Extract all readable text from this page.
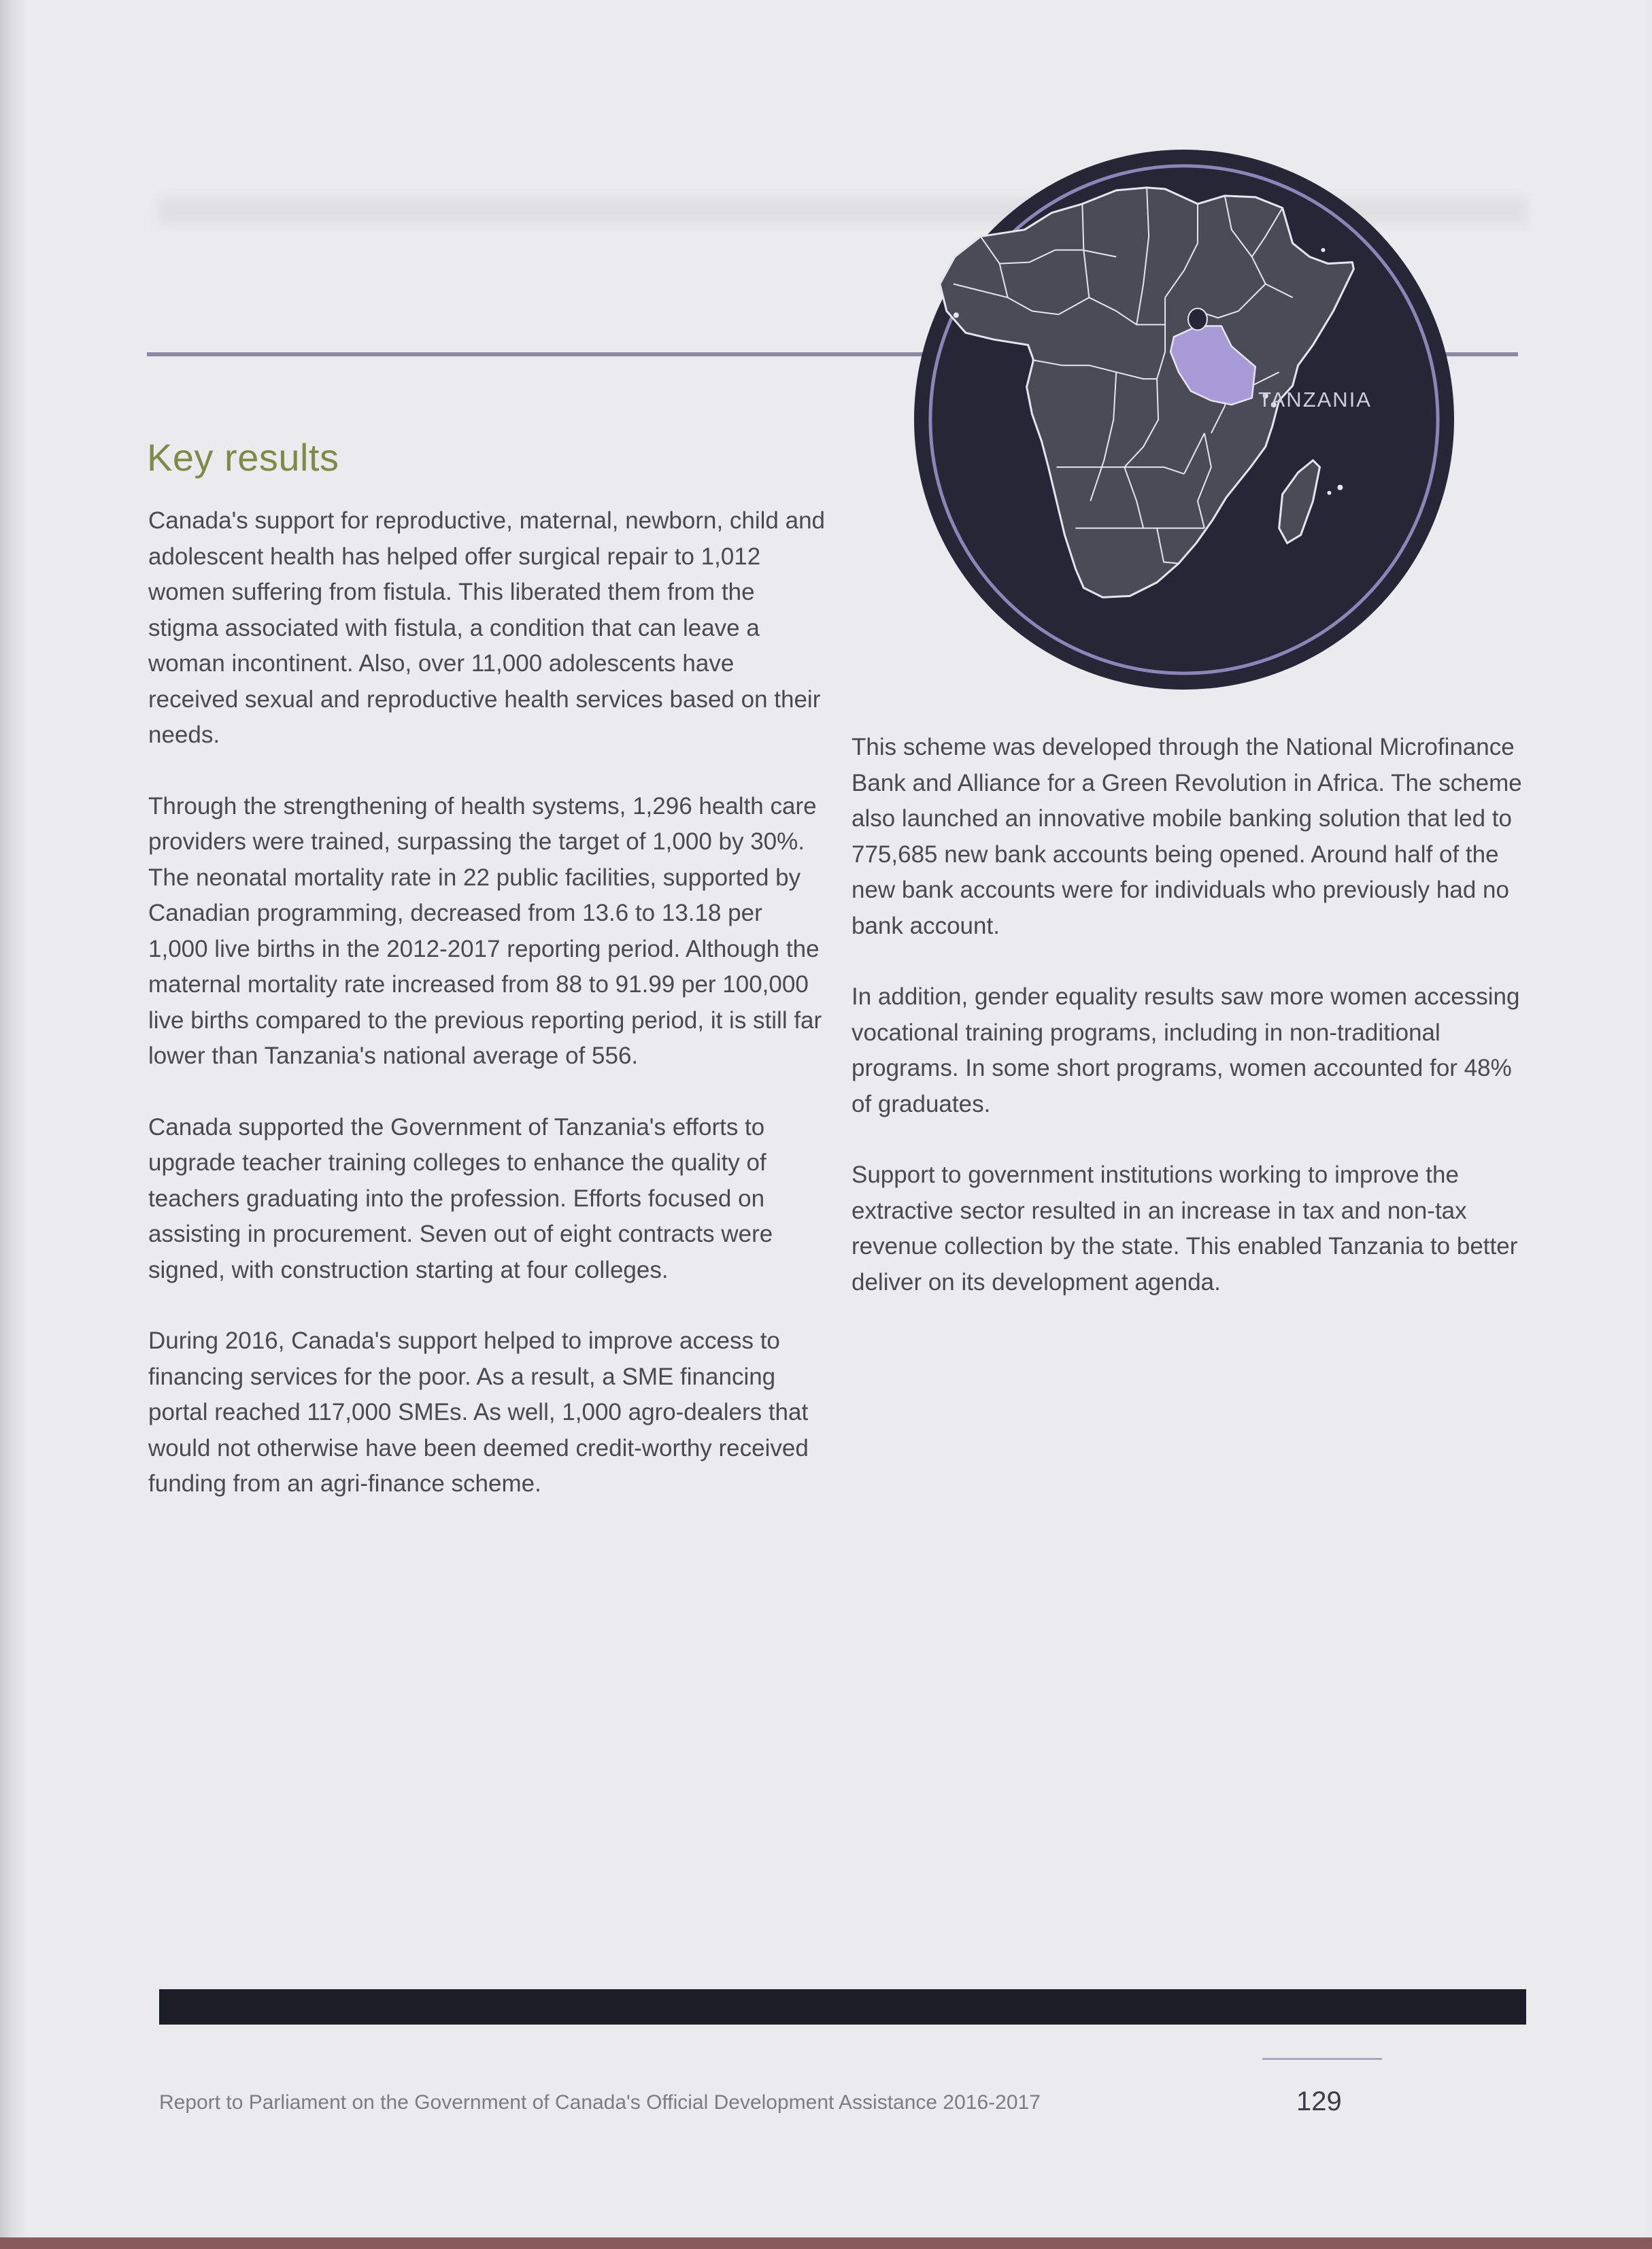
Key results
TANZANIA

Canada's support for reproductive, maternal, newborn, child and adolescent health has helped offer surgical repair to 1,012 women suffering from fistula. This liberated them from the stigma associated with fistula, a condition that can leave a woman incontinent. Also, over 11,000 adolescents have received sexual and reproductive health services based on their needs.

Through the strengthening of health systems, 1,296 health care providers were trained, surpassing the target of 1,000 by 30%. The neonatal mortality rate in 22 public facilities, supported by Canadian programming, decreased from 13.6 to 13.18 per 1,000 live births in the 2012-2017 reporting period. Although the maternal mortality rate increased from 88 to 91.99 per 100,000 live births compared to the previous reporting period, it is still far lower than Tanzania's national average of 556.

Canada supported the Government of Tanzania's efforts to upgrade teacher training colleges to enhance the quality of teachers graduating into the profession. Efforts focused on assisting in procurement. Seven out of eight contracts were signed, with construction starting at four colleges.

During 2016, Canada's support helped to improve access to financing services for the poor. As a result, a SME financing portal reached 117,000 SMEs. As well, 1,000 agro-dealers that would not otherwise have been deemed credit-worthy received funding from an agri-finance scheme.

This scheme was developed through the National Microfinance Bank and Alliance for a Green Revolution in Africa. The scheme also launched an innovative mobile banking solution that led to 775,685 new bank accounts being opened. Around half of the new bank accounts were for individuals who previously had no bank account.

In addition, gender equality results saw more women accessing vocational training programs, including in non-traditional programs. In some short programs, women accounted for 48% of graduates.

Support to government institutions working to improve the extractive sector resulted in an increase in tax and non-tax revenue collection by the state. This enabled Tanzania to better deliver on its development agenda.

Report to Parliament on the Government of Canada's Official Development Assistance 2016-2017	129
